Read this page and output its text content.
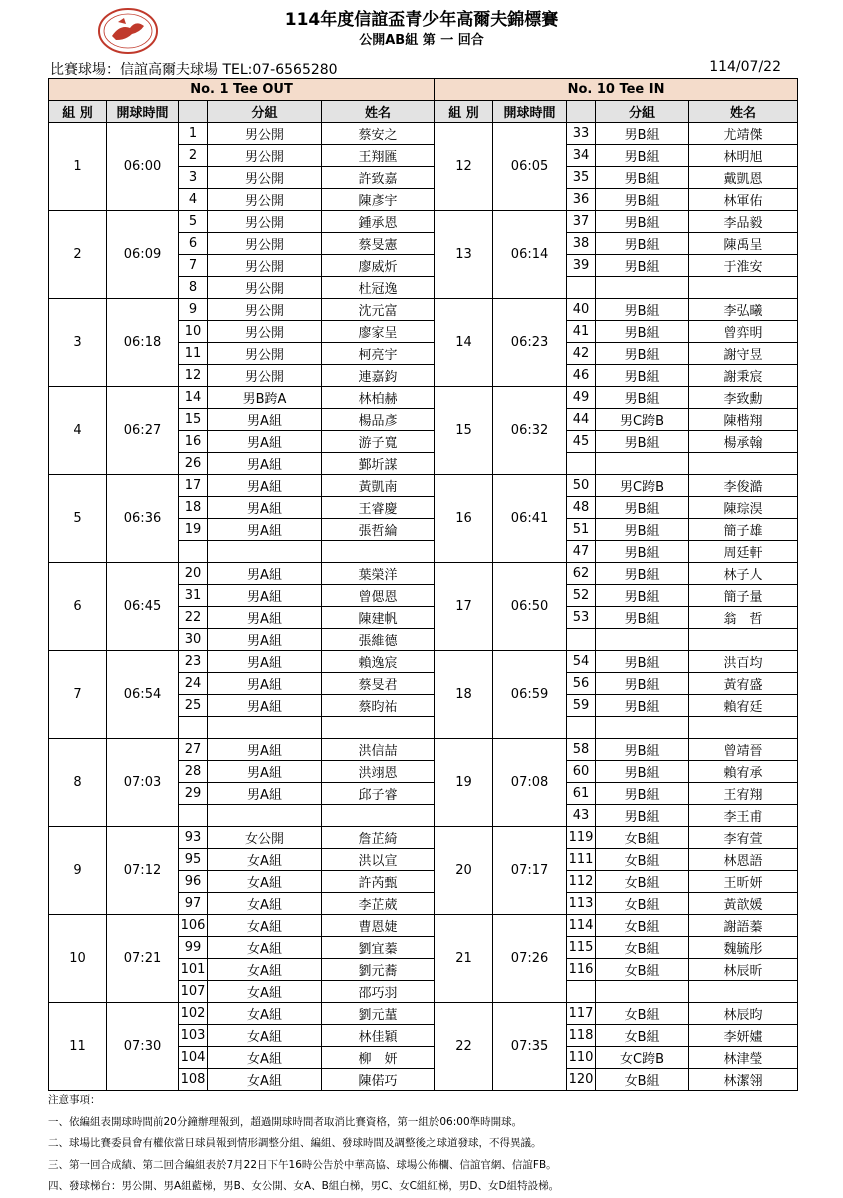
114年度信誼盃青少年高爾夫錦標賽
公開AB組 第 一 回合
比賽球場：信誼高爾夫球場 TEL:07-6565280	114/07/22
No. 1 Tee OUT					No. 10 Tee IN				
組 別	開球時間		分組	姓名	組 別	開球時間		分組	姓名
1	06:00	1	男公開	蔡安之	12	06:05	33	男B組	尤靖傑
		2	男公開	王翔匯			34	男B組	林明旭
		3	男公開	許致嘉			35	男B組	戴凱恩
		4	男公開	陳彥宇			36	男B組	林軍佑
2	06:09	5	男公開	鍾承恩	13	06:14	37	男B組	李品毅
		6	男公開	蔡旻憲			38	男B組	陳禹呈
		7	男公開	廖威炘			39	男B組	于淮安
		8	男公開	杜冠逸					
3	06:18	9	男公開	沈元富	14	06:23	40	男B組	李弘曦
		10	男公開	廖家呈			41	男B組	曾弈明
		11	男公開	柯亮宇			42	男B組	謝守昱
		12	男公開	連嘉鈞			46	男B組	謝秉宸
4	06:27	14	男B跨A	林柏赫	15	06:32	49	男B組	李致勳
		15	男A組	楊品彥			44	男C跨B	陳楷翔
		16	男A組	游子寬			45	男B組	楊承翰
		26	男A組	鄞圻謀					
5	06:36	17	男A組	黃凱南	16	06:41	50	男C跨B	李俊澔
		18	男A組	王睿慶			48	男B組	陳琮淏
		19	男A組	張哲綸			51	男B組	簡子雄
							47	男B組	周廷軒
6	06:45	20	男A組	葉榮洋	17	06:50	62	男B組	林子人
		31	男A組	曾偲恩			52	男B組	簡子量
		22	男A組	陳建帆			53	男B組	翁　哲
		30	男A組	張維德					
7	06:54	23	男A組	賴逸宸	18	06:59	54	男B組	洪百均
		24	男A組	蔡旻君			56	男B組	黃宥盛
		25	男A組	蔡昀祐			59	男B組	賴宥廷

8	07:03	27	男A組	洪信喆	19	07:08	58	男B組	曾靖晉
		28	男A組	洪翊恩			60	男B組	賴宥承
		29	男A組	邱子睿			61	男B組	王宥翔
							43	男B組	李王甫
9	07:12	93	女公開	詹芷綺	20	07:17	119	女B組	李宥萱
		95	女A組	洪以宣			111	女B組	林恩語
		96	女A組	許芮甄			112	女B組	王昕妍
		97	女A組	李芷葳			113	女B組	黃歆媛
10	07:21	106	女A組	曹恩婕	21	07:26	114	女B組	謝語蓁
		99	女A組	劉宜蓁			115	女B組	魏毓彤
		101	女A組	劉元蕎			116	女B組	林辰昕
		107	女A組	邵巧羽					
11	07:30	102	女A組	劉元蓳	22	07:35	117	女B組	林辰昀
		103	女A組	林佳穎			118	女B組	李妍嫿
		104	女A組	柳　妍			110	女C跨B	林津瑩
		108	女A組	陳偌巧			120	女B組	林潔翎
注意事項：
一、依編組表開球時間前20分鐘辦理報到，超過開球時間者取消比賽資格，第一組於06:00準時開球。
二、球場比賽委員會有權依當日球員報到情形調整分組、編組、發球時間及調整後之球道發球，不得異議。
三、第一回合成績、第二回合編組表於7月22日下午16時公告於中華高協、球場公佈欄、信誼官網、信誼FB。
四、發球梯台：男公開、男A組藍梯，男B、女公開、女A、B組白梯，男C、女C組紅梯，男D、女D組特設梯。
